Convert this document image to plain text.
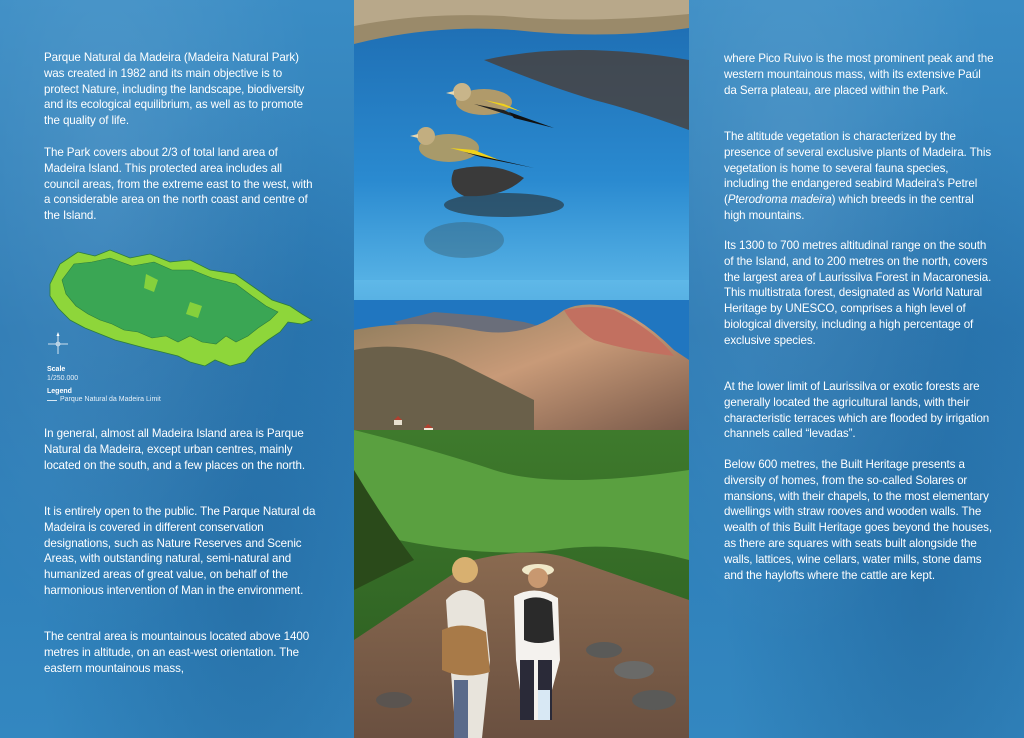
Parque Natural da Madeira (Madeira Natural Park) was created in 1982 and its main objective is to protect Nature, including the landscape, biodiversity and its ecological equilibrium, as well as to promote the quality of life.

The Park covers about 2/3 of total land area of Madeira Island. This protected area includes all council areas, from the extreme east to the west, with a considerable area on the north coast and centre of the Island.

Scale
1/250.000
Legend
Parque Natural da Madeira Limit

In general, almost all Madeira Island area is Parque Natural da Madeira, except urban centres, mainly located on the south, and a few places on the north.

It is entirely open to the public. The Parque Natural da Madeira is covered in different conservation designations, such as Nature Reserves and Scenic Areas, with outstanding natural, semi-natural and humanized areas of great value, on behalf of the harmonious intervention of Man in the environment.

The central area is mountainous located above 1400 metres in altitude, on an east-west orientation. The eastern mountainous mass,

where Pico Ruivo is the most prominent peak and the western mountainous mass, with its extensive Paúl da Serra plateau, are placed within the Park.

The altitude vegetation is characterized by the presence of several exclusive plants of Madeira. This vegetation is home to several fauna species, including the endangered seabird Madeira's Petrel (Pterodroma madeira) which breeds in the central high mountains.

Its 1300 to 700 metres altitudinal range on the south of the Island, and to 200 metres on the north, covers the largest area of Laurissilva Forest in Macaronesia. This multistrata forest, designated as World Natural Heritage by UNESCO, comprises a high level of biological diversity, including a high percentage of exclusive species.

At the lower limit of Laurissilva or exotic forests are generally located the agricultural lands, with their characteristic terraces which are flooded by irrigation channels called “levadas”.

Below 600 metres, the Built Heritage presents a diversity of homes, from the so-called Solares or mansions, with their chapels, to the most elementary dwellings with straw rooves and wooden walls. The wealth of this Built Heritage goes beyond the houses, as there are squares with seats built alongside the walls, lattices, wine cellars, water mills, stone dams and the haylofts where the cattle are kept.
